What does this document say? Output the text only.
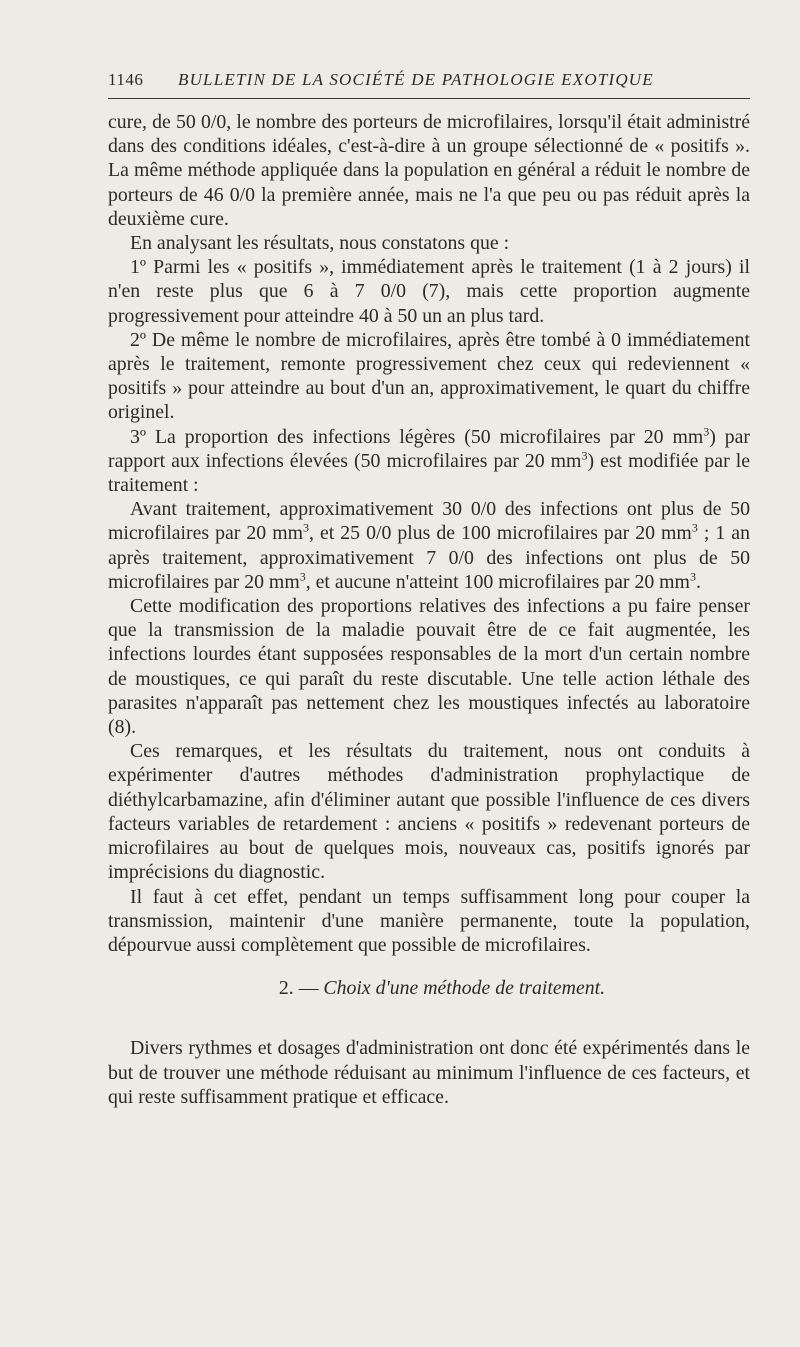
1146 BULLETIN DE LA SOCIÉTÉ DE PATHOLOGIE EXOTIQUE

cure, de 50 0/0, le nombre des porteurs de microfilaires, lorsqu'il était administré dans des conditions idéales, c'est-à-dire à un groupe sélectionné de « positifs ». La même méthode appliquée dans la population en général a réduit le nombre de porteurs de 46 0/0 la première année, mais ne l'a que peu ou pas réduit après la deuxième cure.

En analysant les résultats, nous constatons que :

1º Parmi les « positifs », immédiatement après le traitement (1 à 2 jours) il n'en reste plus que 6 à 7 0/0 (7), mais cette proportion augmente progressivement pour atteindre 40 à 50 un an plus tard.

2º De même le nombre de microfilaires, après être tombé à 0 immédiatement après le traitement, remonte progressivement chez ceux qui redeviennent « positifs » pour atteindre au bout d'un an, approximativement, le quart du chiffre originel.

3º La proportion des infections légères (50 microfilaires par 20 $mm^3$) par rapport aux infections élevées (50 microfilaires par 20 $mm^3$) est modifiée par le traitement :

Avant traitement, approximativement 30 0/0 des infections ont plus de 50 microfilaires par 20 $mm^3$, et 25 0/0 plus de 100 microfilaires par 20 $mm^3$ ; 1 an après traitement, approximativement 7 0/0 des infections ont plus de 50 microfilaires par 20 $mm^3$, et aucune n'atteint 100 microfilaires par 20 $mm^3$.

Cette modification des proportions relatives des infections a pu faire penser que la transmission de la maladie pouvait être de ce fait augmentée, les infections lourdes étant supposées responsables de la mort d'un certain nombre de moustiques, ce qui paraît du reste discutable. Une telle action léthale des parasites n'apparaît pas nettement chez les moustiques infectés au laboratoire (8).

Ces remarques, et les résultats du traitement, nous ont conduits à expérimenter d'autres méthodes d'administration prophylactique de diéthylcarbamazine, afin d'éliminer autant que possible l'influence de ces divers facteurs variables de retardement : anciens « positifs » redevenant porteurs de microfilaires au bout de quelques mois, nouveaux cas, positifs ignorés par imprécisions du diagnostic.

Il faut à cet effet, pendant un temps suffisamment long pour couper la transmission, maintenir d'une manière permanente, toute la population, dépourvue aussi complètement que possible de microfilaires.

2. — Choix d'une méthode de traitement.

Divers rythmes et dosages d'administration ont donc été expérimentés dans le but de trouver une méthode réduisant au minimum l'influence de ces facteurs, et qui reste suffisamment pratique et efficace.
